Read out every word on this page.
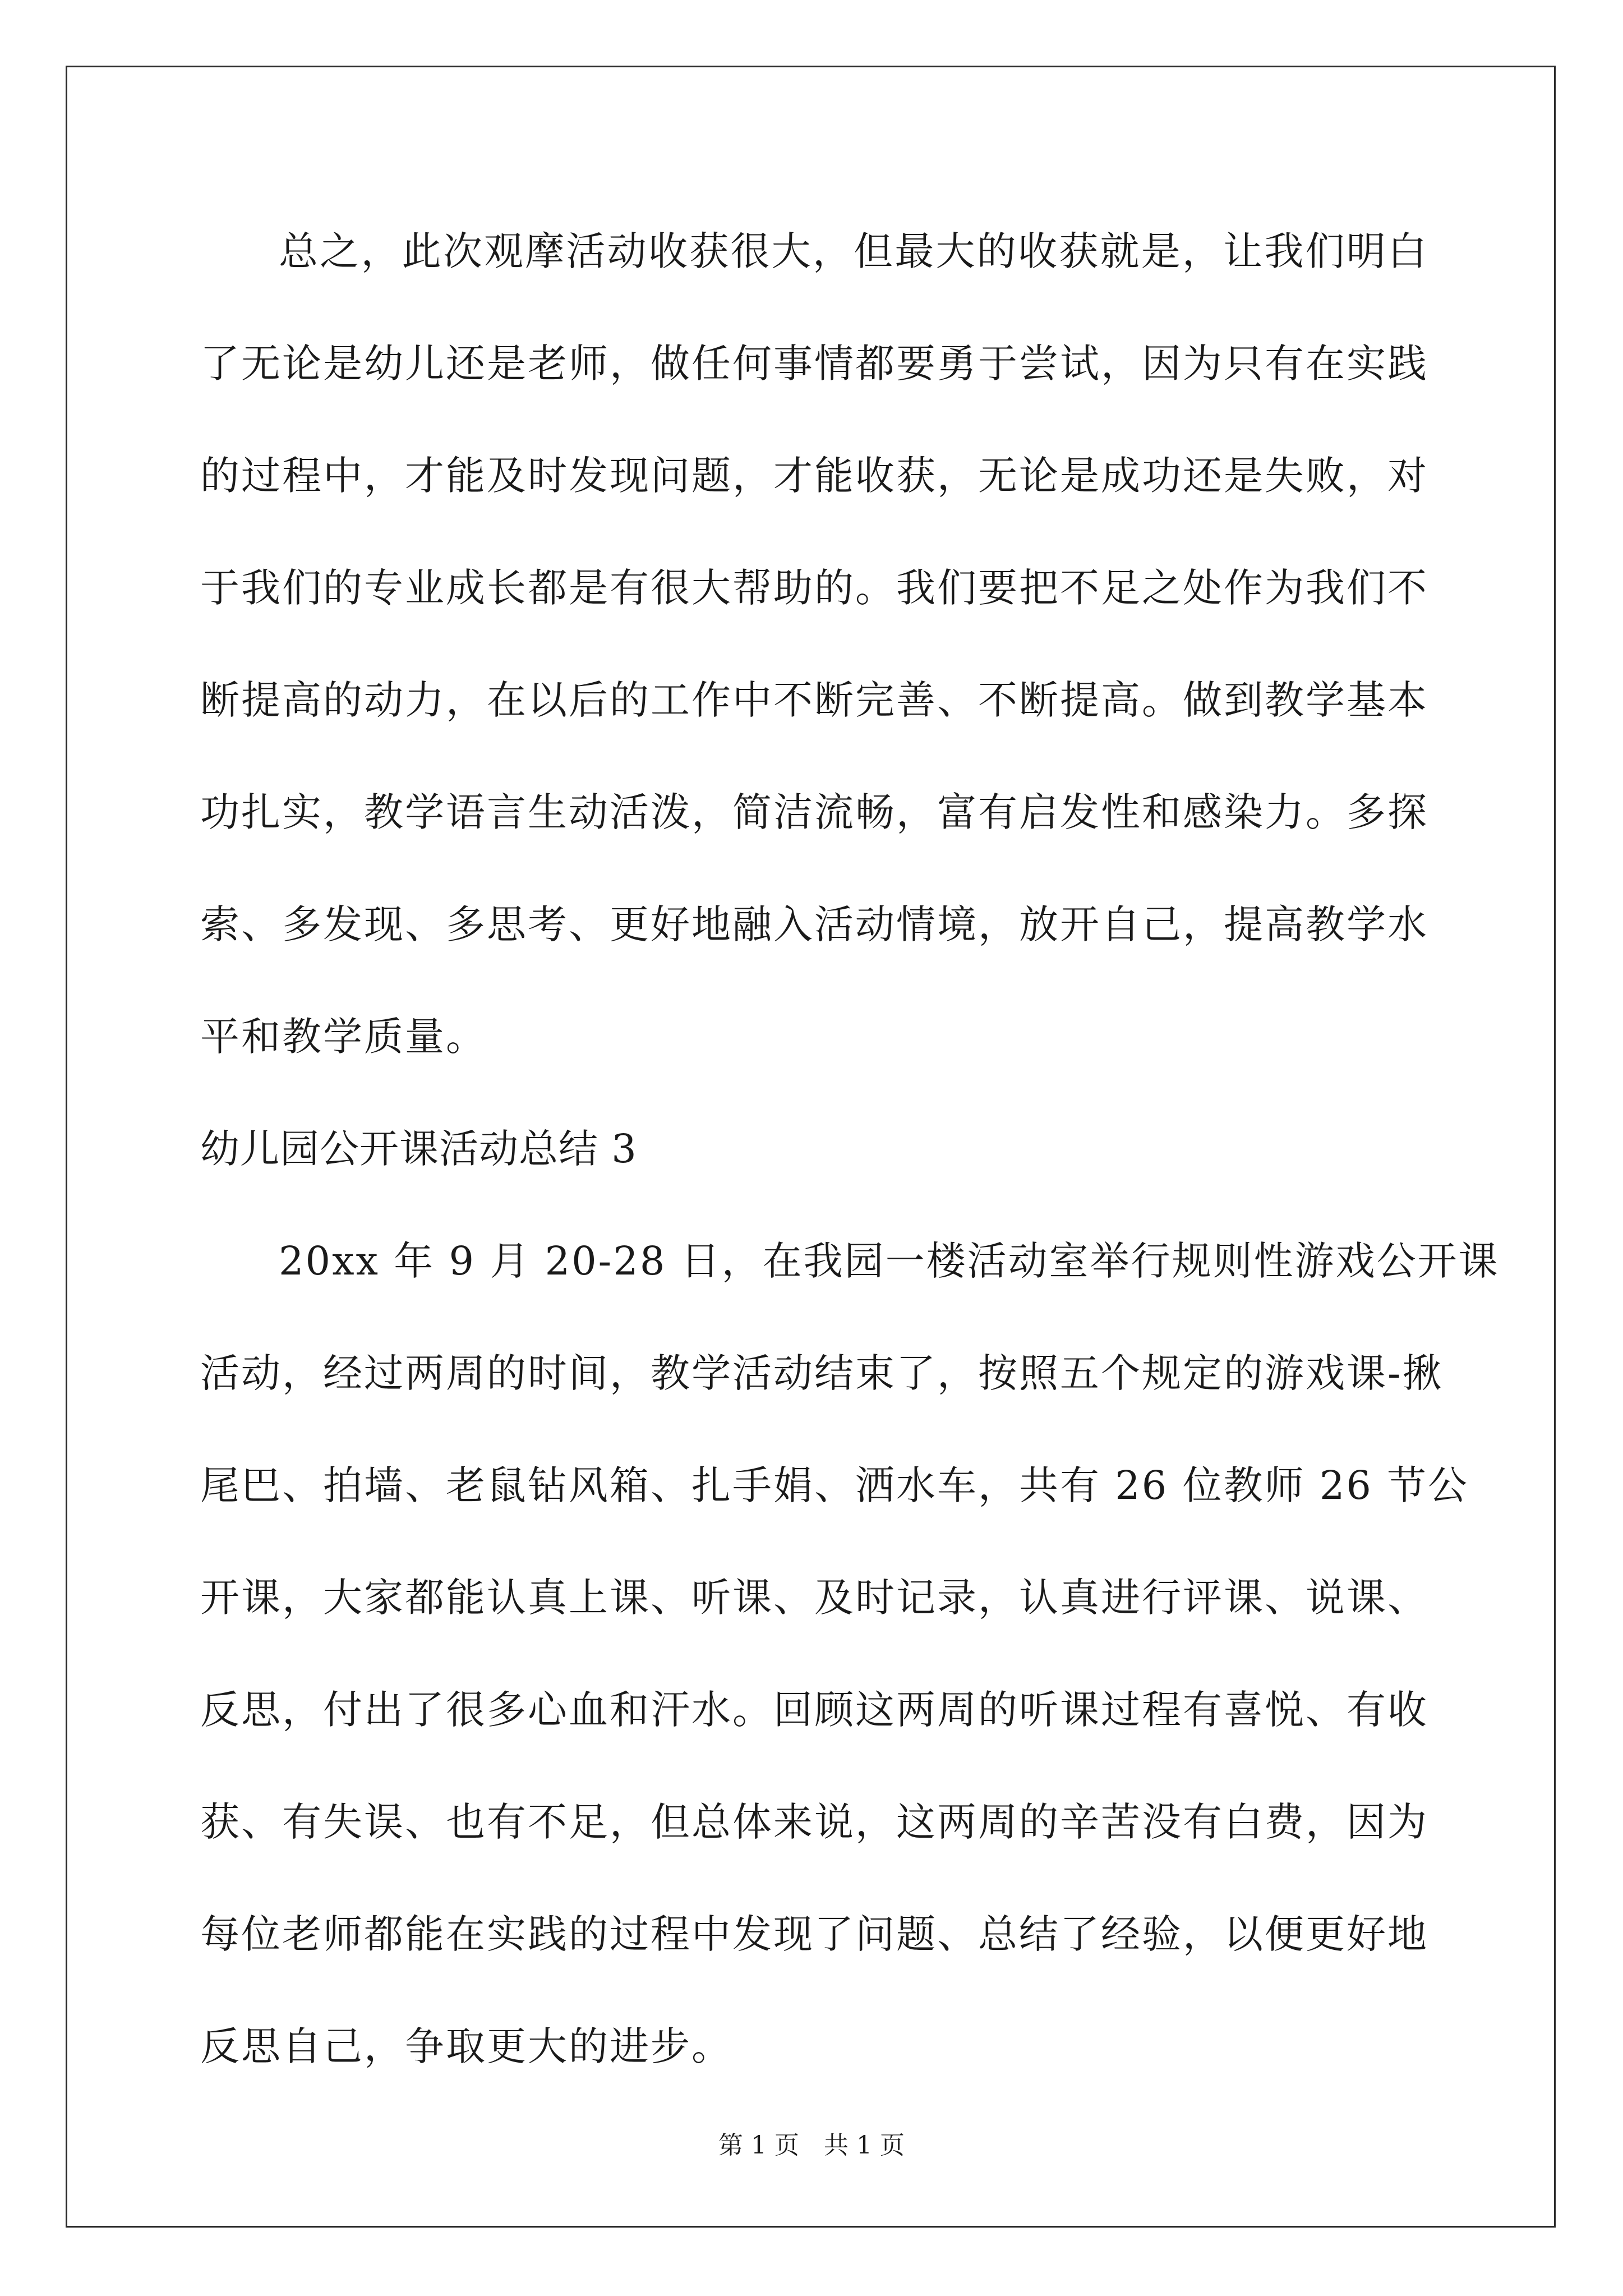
总之，此次观摩活动收获很大，但最大的收获就是，让我们明白

了无论是幼儿还是老师，做任何事情都要勇于尝试，因为只有在实践

的过程中，才能及时发现问题，才能收获，无论是成功还是失败，对

于我们的专业成长都是有很大帮助的。我们要把不足之处作为我们不

断提高的动力，在以后的工作中不断完善、不断提高。做到教学基本

功扎实，教学语言生动活泼，简洁流畅，富有启发性和感染力。多探

索、多发现、多思考、更好地融入活动情境，放开自己，提高教学水

平和教学质量。

幼儿园公开课活动总结 3

20xx 年 9 月 20-28 日，在我园一楼活动室举行规则性游戏公开课

活动，经过两周的时间，教学活动结束了，按照五个规定的游戏课-揪

尾巴、拍墙、老鼠钻风箱、扎手娟、洒水车，共有 26 位教师 26 节公

开课，大家都能认真上课、听课、及时记录，认真进行评课、说课、

反思，付出了很多心血和汗水。回顾这两周的听课过程有喜悦、有收

获、有失误、也有不足，但总体来说，这两周的辛苦没有白费，因为

每位老师都能在实践的过程中发现了问题、总结了经验，以便更好地

反思自己，争取更大的进步。

第 1 页　共 1 页
